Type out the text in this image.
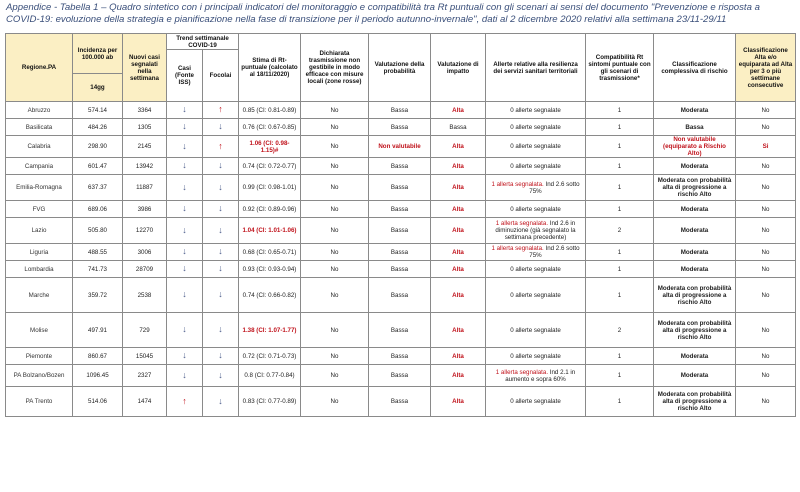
Appendice - Tabella 1 – Quadro sintetico con i principali indicatori del monitoraggio e compatibilità tra Rt puntuali con gli scenari ai sensi del documento "Prevenzione e risposta a COVID-19: evoluzione della strategia e pianificazione nella fase di transizione per il periodo autunno-invernale", dati al 2 dicembre 2020 relativi alla settimana 23/11-29/11
Regione.PA	Incidenza per 100.000 ab	Nuovi casi segnalati nella settimana	Trend settimanale COVID-19		Stima di Rt-puntuale (calcolato al 18/11/2020)	Dichiarata trasmissione non gestibile in modo efficace con misure locali (zone rosse)	Valutazione della probabilità	Valutazione di impatto	Allerte relative alla resilienza dei servizi sanitari territoriali	Compatibilità Rt sintomi puntuale con gli scenari di trasmissione*	Classificazione complessiva di rischio	Classificazione Alta e/o equiparata ad Alta per 3 o più settimane consecutive
			Casi (Fonte ISS)	Focolai								
	14gg											
Abruzzo	574.14	3364	↓	↑	0.85 (CI: 0.81-0.89)	No	Bassa	Alta	0 allerte segnalate	1	Moderata	No
Basilicata	484.26	1305	↓	↓	0.76 (CI: 0.67-0.85)	No	Bassa	Bassa	0 allerte segnalate	1	Bassa	No
Calabria	298.90	2145	↓	↑	1.06 (CI: 0.98-1.15)#	No	Non valutabile	Alta	0 allerte segnalate	1	Non valutabile (equiparato a Rischio Alto)	Si
Campania	601.47	13942	↓	↓	0.74 (CI: 0.72-0.77)	No	Bassa	Alta	0 allerte segnalate	1	Moderata	No
Emilia-Romagna	637.37	11887	↓	↓	0.99 (CI: 0.98-1.01)	No	Bassa	Alta	1 allerta segnalata. Ind 2.6 sotto 75%	1	Moderata con probabilità alta di progressione a rischio Alto	No
FVG	689.06	3986	↓	↓	0.92 (CI: 0.89-0.96)	No	Bassa	Alta	0 allerte segnalate	1	Moderata	No
Lazio	505.80	12270	↓	↓	1.04 (CI: 1.01-1.06)	No	Bassa	Alta	1 allerta segnalata. Ind 2.6 in diminuzione (già segnalato la settimana precedente)	2	Moderata	No
Liguria	488.55	3006	↓	↓	0.68 (CI: 0.65-0.71)	No	Bassa	Alta	1 allerta segnalata. Ind 2.6 sotto 75%	1	Moderata	No
Lombardia	741.73	28709	↓	↓	0.93 (CI: 0.93-0.94)	No	Bassa	Alta	0 allerte segnalate	1	Moderata	No
Marche	359.72	2538	↓	↓	0.74 (CI: 0.66-0.82)	No	Bassa	Alta	0 allerte segnalate	1	Moderata con probabilità alta di progressione a rischio Alto	No
Molise	497.91	729	↓	↓	1.38 (CI: 1.07-1.77)	No	Bassa	Alta	0 allerte segnalate	2	Moderata con probabilità alta di progressione a rischio Alto	No
Piemonte	860.67	15045	↓	↓	0.72 (CI: 0.71-0.73)	No	Bassa	Alta	0 allerte segnalate	1	Moderata	No
PA Bolzano/Bozen	1096.45	2327	↓	↓	0.8 (CI: 0.77-0.84)	No	Bassa	Alta	1 allerta segnalata. Ind 2.1 in aumento e sopra 60%	1	Moderata	No
PA Trento	514.06	1474	↑	↓	0.83 (CI: 0.77-0.89)	No	Bassa	Alta	0 allerte segnalate	1	Moderata con probabilità alta di progressione a rischio Alto	No
